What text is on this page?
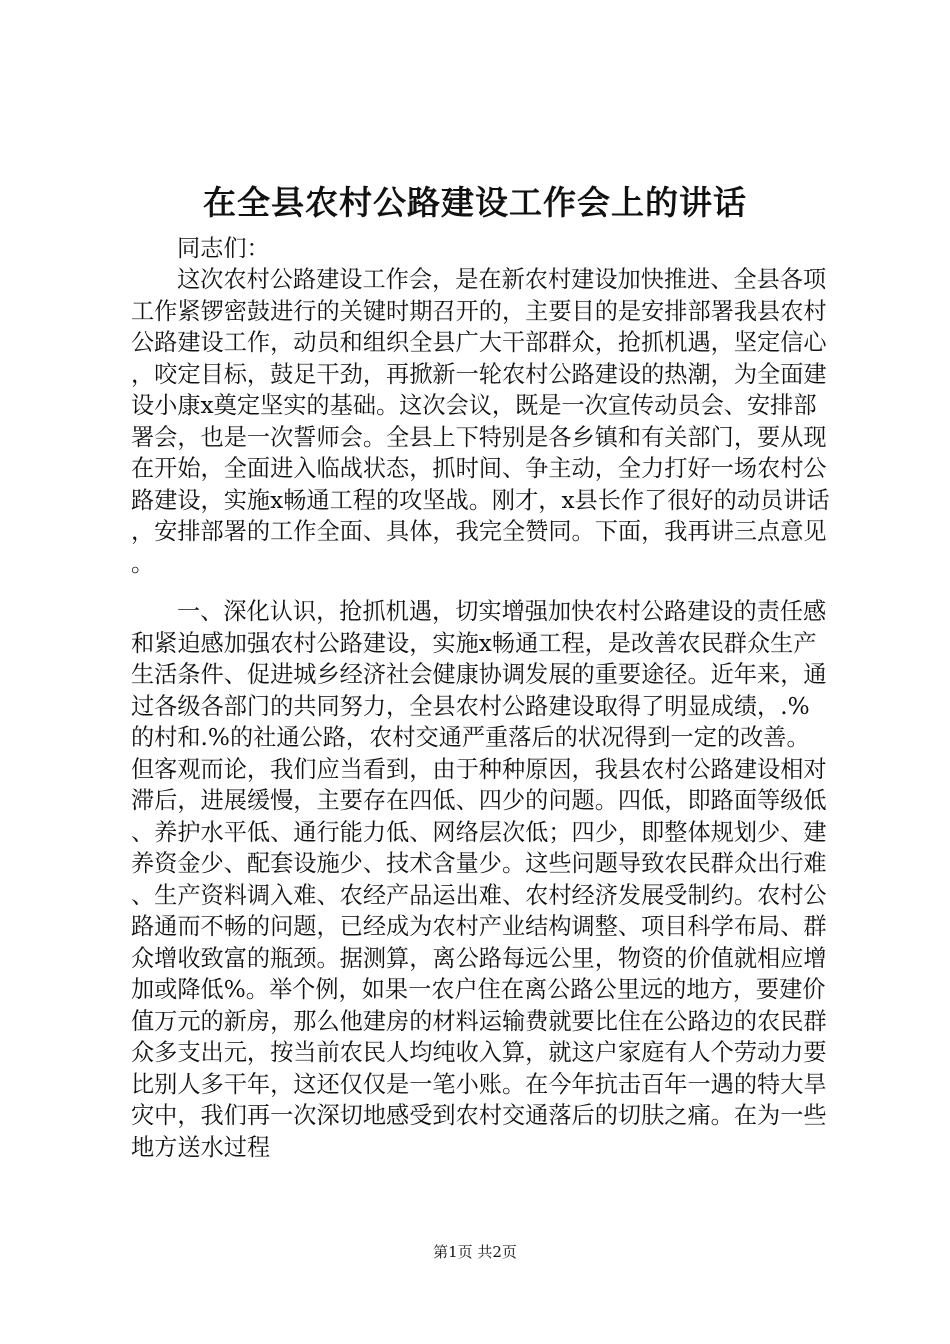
在全县农村公路建设工作会上的讲话

同志们：

这次农村公路建设工作会，是在新农村建设加快推进、全县各项工作紧锣密鼓进行的关键时期召开的，主要目的是安排部署我县农村公路建设工作，动员和组织全县广大干部群众，抢抓机遇，坚定信心，咬定目标，鼓足干劲，再掀新一轮农村公路建设的热潮，为全面建设小康x奠定坚实的基础。这次会议，既是一次宣传动员会、安排部署会，也是一次誓师会。全县上下特别是各乡镇和有关部门，要从现在开始，全面进入临战状态，抓时间、争主动，全力打好一场农村公路建设，实施x畅通工程的攻坚战。刚才，x县长作了很好的动员讲话，安排部署的工作全面、具体，我完全赞同。下面，我再讲三点意见。

一、深化认识，抢抓机遇，切实增强加快农村公路建设的责任感和紧迫感加强农村公路建设，实施x畅通工程，是改善农民群众生产生活条件、促进城乡经济社会健康协调发展的重要途径。近年来，通过各级各部门的共同努力，全县农村公路建设取得了明显成绩，.%的村和.%的社通公路，农村交通严重落后的状况得到一定的改善。但客观而论，我们应当看到，由于种种原因，我县农村公路建设相对滞后，进展缓慢，主要存在四低、四少的问题。四低，即路面等级低、养护水平低、通行能力低、网络层次低；四少，即整体规划少、建养资金少、配套设施少、技术含量少。这些问题导致农民群众出行难、生产资料调入难、农经产品运出难、农村经济发展受制约。农村公路通而不畅的问题，已经成为农村产业结构调整、项目科学布局、群众增收致富的瓶颈。据测算，离公路每远公里，物资的价值就相应增加或降低%。举个例，如果一农户住在离公路公里远的地方，要建价值万元的新房，那么他建房的材料运输费就要比住在公路边的农民群众多支出元，按当前农民人均纯收入算，就这户家庭有人个劳动力要比别人多干年，这还仅仅是一笔小账。在今年抗击百年一遇的特大旱灾中，我们再一次深切地感受到农村交通落后的切肤之痛。在为一些地方送水过程

第1页 共2页
